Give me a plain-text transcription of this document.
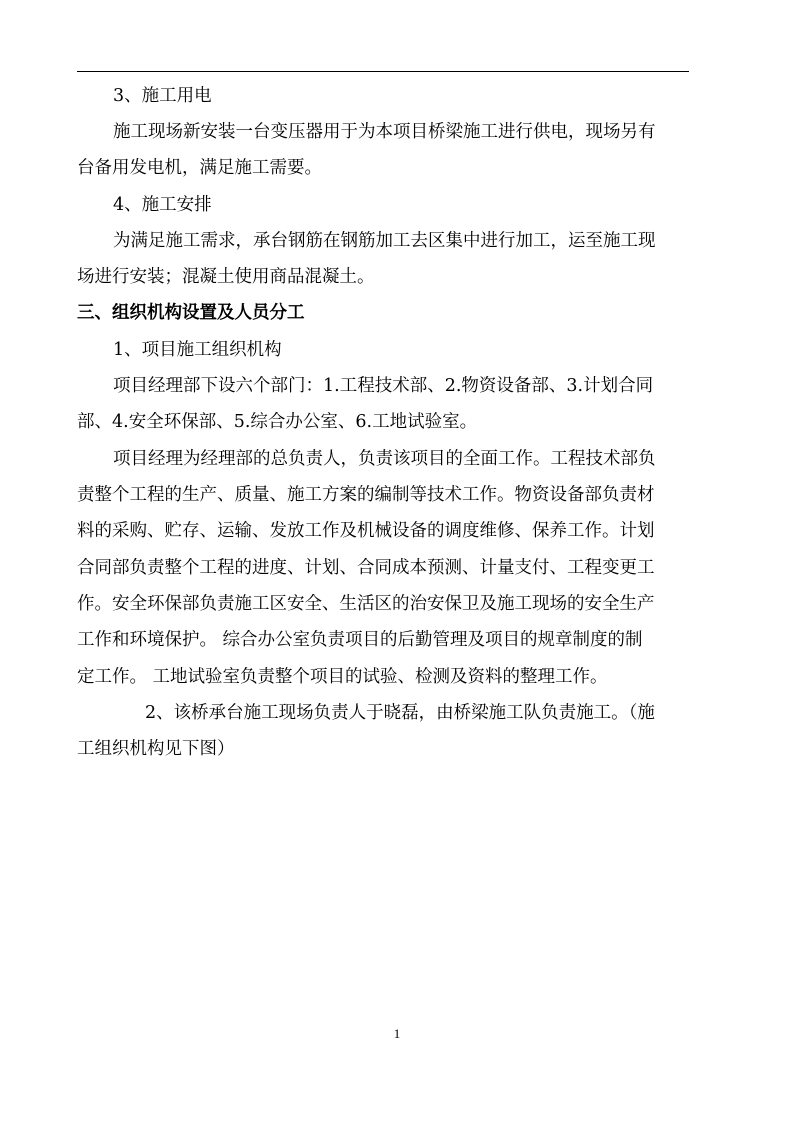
3、施工用电
施工现场新安装一台变压器用于为本项目桥梁施工进行供电，现场另有
台备用发电机，满足施工需要。
4、施工安排
为满足施工需求，承台钢筋在钢筋加工去区集中进行加工，运至施工现
场进行安装；混凝土使用商品混凝土。
三、组织机构设置及人员分工
1、项目施工组织机构
项目经理部下设六个部门：1.工程技术部、2.物资设备部、3.计划合同
部、4.安全环保部、5.综合办公室、6.工地试验室。
项目经理为经理部的总负责人，负责该项目的全面工作。工程技术部负
责整个工程的生产、质量、施工方案的编制等技术工作。物资设备部负责材
料的采购、贮存、运输、发放工作及机械设备的调度维修、保养工作。计划
合同部负责整个工程的进度、计划、合同成本预测、计量支付、工程变更工
作。安全环保部负责施工区安全、生活区的治安保卫及施工现场的安全生产
工作和环境保护。 综合办公室负责项目的后勤管理及项目的规章制度的制
定工作。 工地试验室负责整个项目的试验、检测及资料的整理工作。
2、该桥承台施工现场负责人于晓磊，由桥梁施工队负责施工。（施
工组织机构见下图）
1
